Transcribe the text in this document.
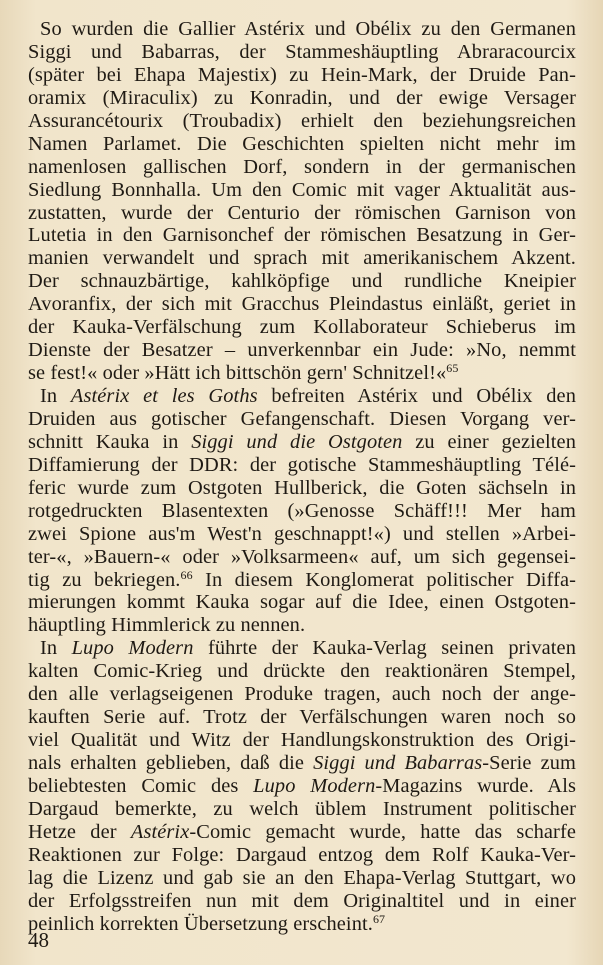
So wurden die Gallier Astérix und Obélix zu den Germanen
Siggi und Babarras, der Stammeshäuptling Abraracourcix
(später bei Ehapa Majestix) zu Hein-Mark, der Druide Pan-
oramix (Miraculix) zu Konradin, und der ewige Versager
Assurancétourix (Troubadix) erhielt den beziehungsreichen
Namen Parlamet. Die Geschichten spielten nicht mehr im
namenlosen gallischen Dorf, sondern in der germanischen
Siedlung Bonnhalla. Um den Comic mit vager Aktualität aus-
zustatten, wurde der Centurio der römischen Garnison von
Lutetia in den Garnisonchef der römischen Besatzung in Ger-
manien verwandelt und sprach mit amerikanischem Akzent.
Der schnauzbärtige, kahlköpfige und rundliche Kneipier
Avoranfix, der sich mit Gracchus Pleindastus einläßt, geriet in
der Kauka-Verfälschung zum Kollaborateur Schieberus im
Dienste der Besatzer – unverkennbar ein Jude: »No, nemmt
se fest!« oder »Hätt ich bittschön gern' Schnitzel!«$^{65}$
In Astérix et les Goths befreiten Astérix und Obélix den
Druiden aus gotischer Gefangenschaft. Diesen Vorgang ver-
schnitt Kauka in Siggi und die Ostgoten zu einer gezielten
Diffamierung der DDR: der gotische Stammeshäuptling Télé-
feric wurde zum Ostgoten Hullberick, die Goten sächseln in
rotgedruckten Blasentexten (»Genosse Schäff!!! Mer ham
zwei Spione aus'm West'n geschnappt!«) und stellen »Arbei-
ter-«, »Bauern-« oder »Volksarmeen« auf, um sich gegensei-
tig zu bekriegen.$^{66}$ In diesem Konglomerat politischer Diffa-
mierungen kommt Kauka sogar auf die Idee, einen Ostgoten-
häuptling Himmlerick zu nennen.
In Lupo Modern führte der Kauka-Verlag seinen privaten
kalten Comic-Krieg und drückte den reaktionären Stempel,
den alle verlagseigenen Produke tragen, auch noch der ange-
kauften Serie auf. Trotz der Verfälschungen waren noch so
viel Qualität und Witz der Handlungskonstruktion des Origi-
nals erhalten geblieben, daß die Siggi und Babarras-Serie zum
beliebtesten Comic des Lupo Modern-Magazins wurde. Als
Dargaud bemerkte, zu welch üblem Instrument politischer
Hetze der Astérix-Comic gemacht wurde, hatte das scharfe
Reaktionen zur Folge: Dargaud entzog dem Rolf Kauka-Ver-
lag die Lizenz und gab sie an den Ehapa-Verlag Stuttgart, wo
der Erfolgsstreifen nun mit dem Originaltitel und in einer
peinlich korrekten Übersetzung erscheint.$^{67}$
48
